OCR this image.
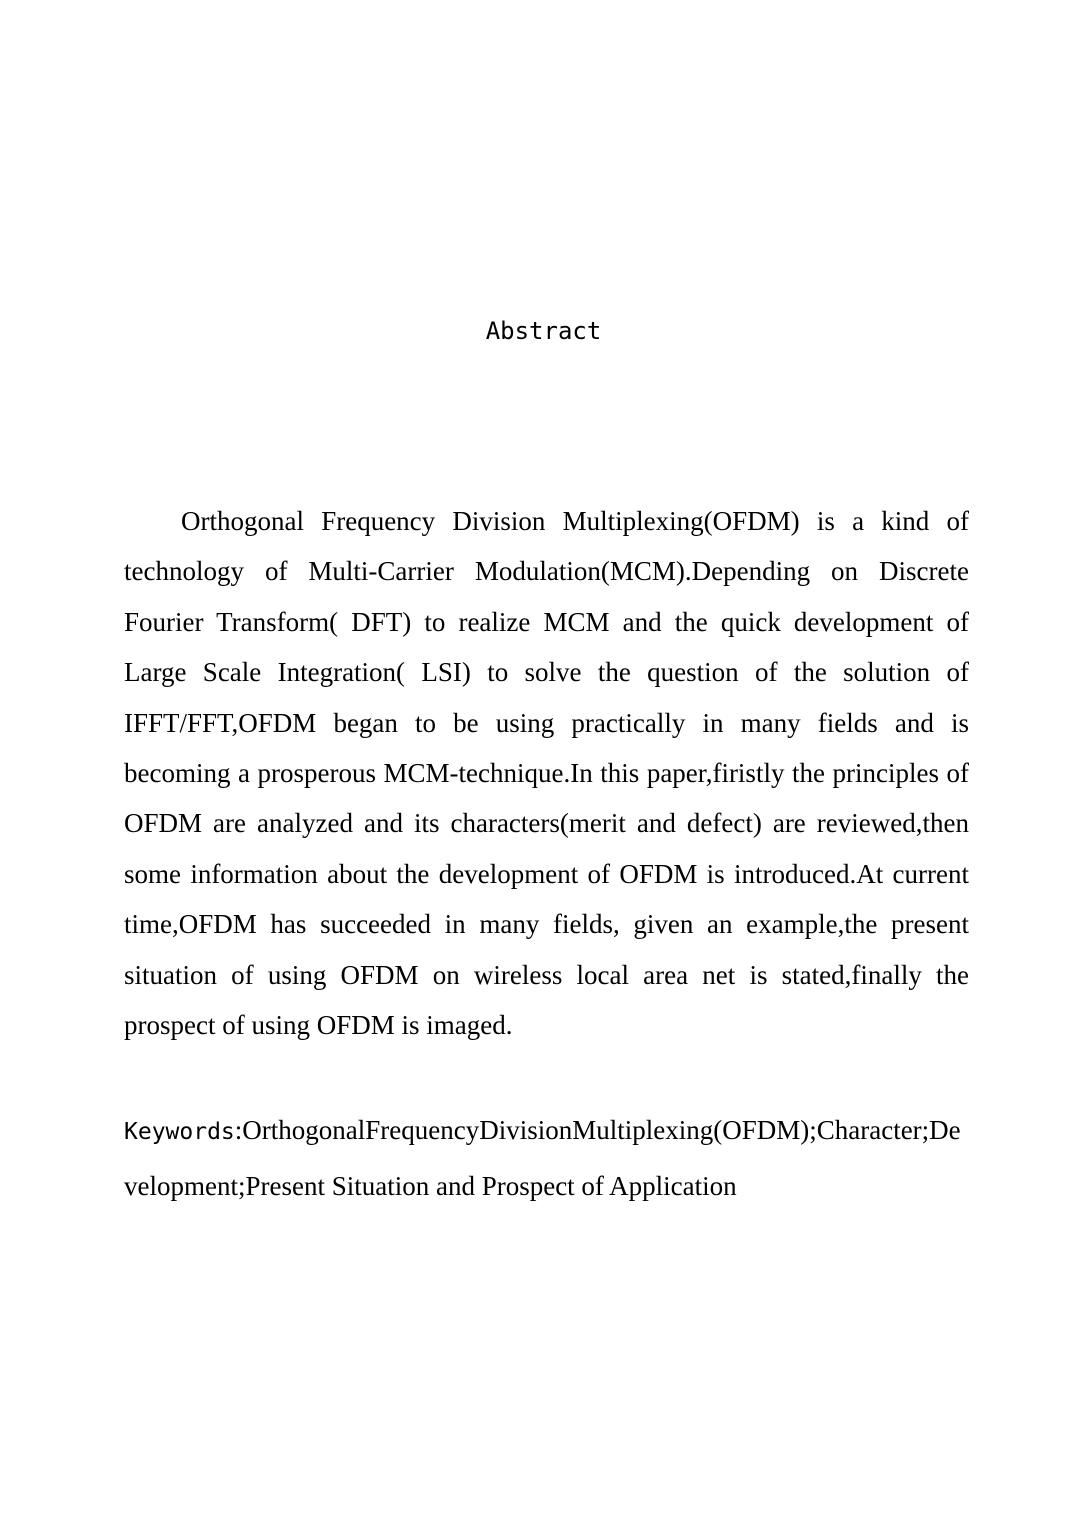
Abstract
Orthogonal Frequency Division Multiplexing(OFDM) is a kind of technology of Multi-Carrier Modulation(MCM).Depending on Discrete Fourier Transform( DFT) to realize MCM and the quick development of Large Scale Integration( LSI) to solve the question of the solution of IFFT/FFT,OFDM began to be using practically in many fields and is becoming a prosperous MCM-technique.In this paper,firistly the principles of OFDM are analyzed and its characters(merit and defect) are reviewed,then some information about the development of OFDM is introduced.At current time,OFDM has succeeded in many fields, given an example,the present situation of using OFDM on wireless local area net is stated,finally the prospect of using OFDM is imaged.
Keywords:OrthogonalFrequencyDivisionMultiplexing(OFDM);Character;Development;Present Situation and Prospect of Application
